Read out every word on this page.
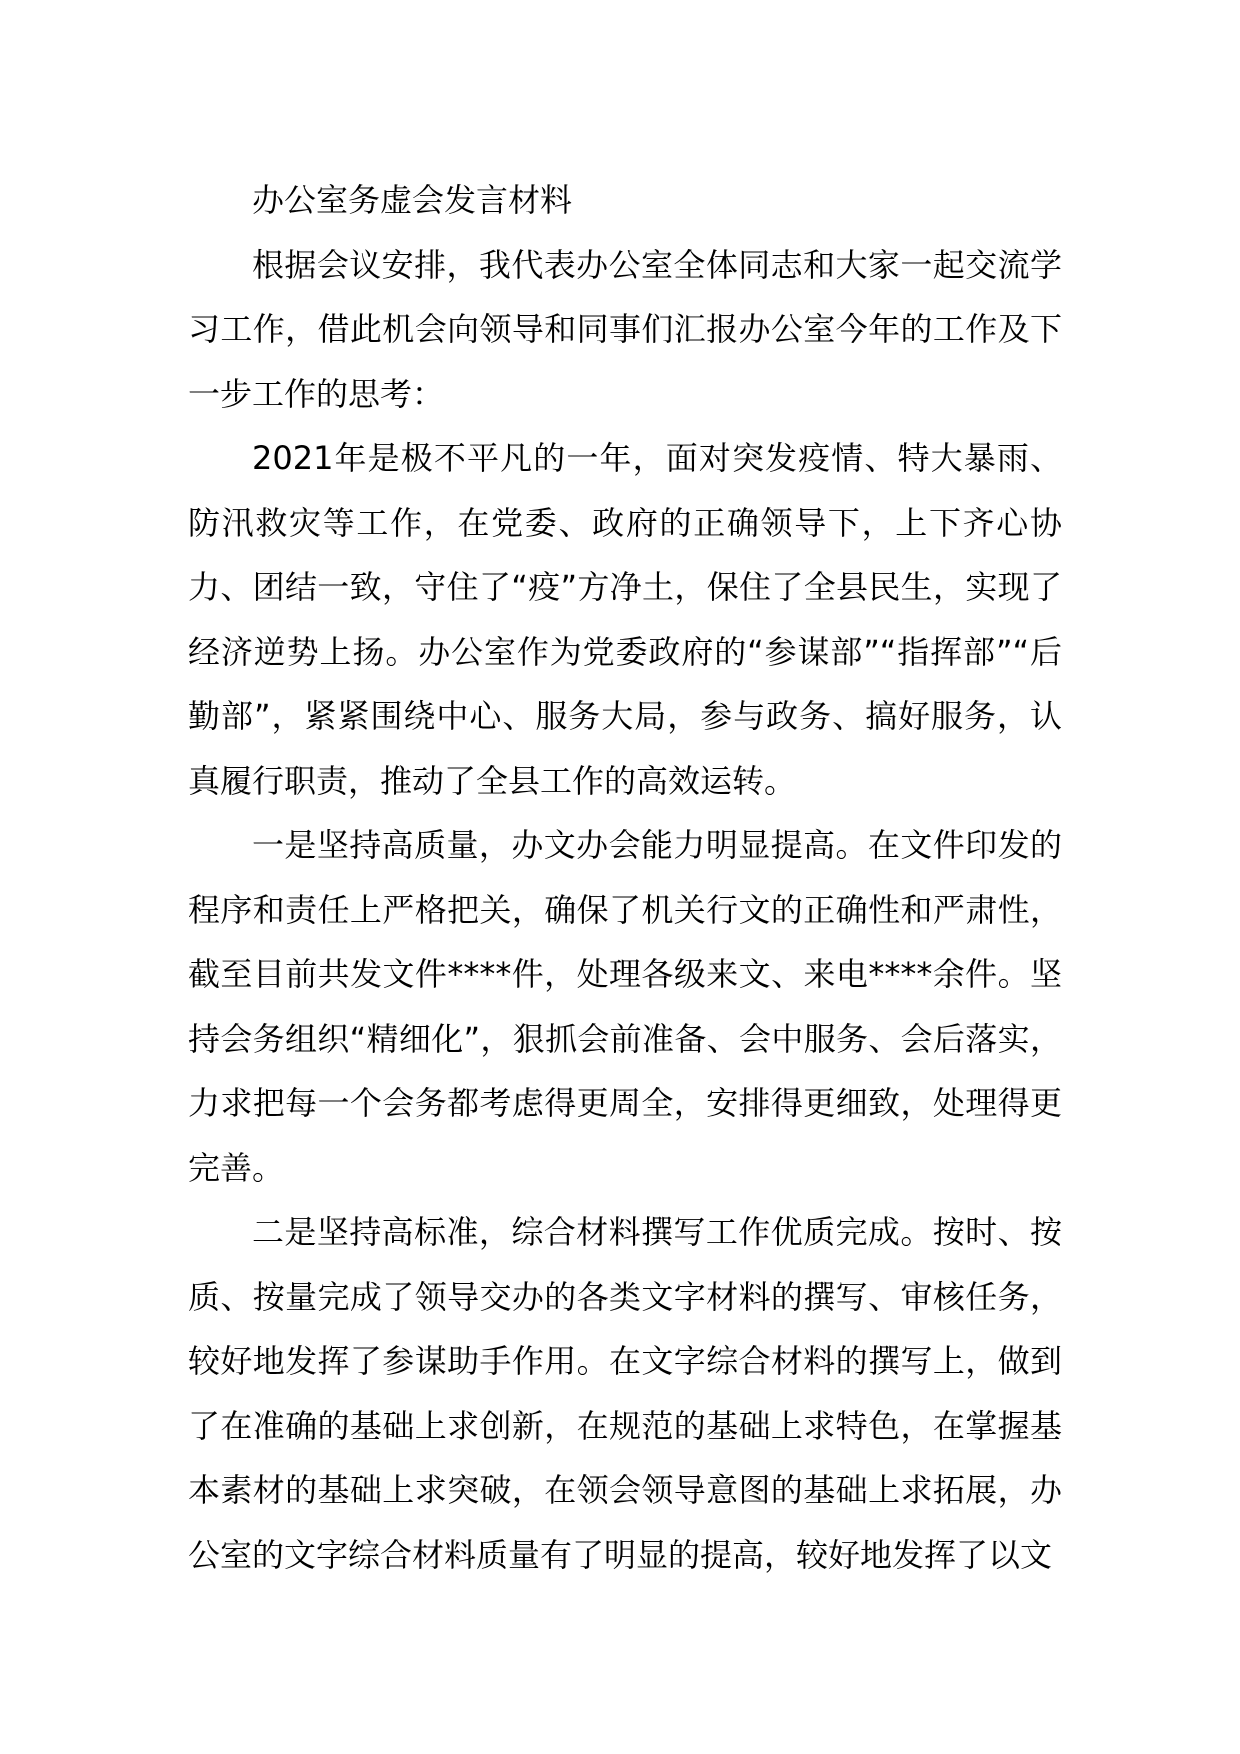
办公室务虚会发言材料

根据会议安排，我代表办公室全体同志和大家一起交流学习工作，借此机会向领导和同事们汇报办公室今年的工作及下一步工作的思考：

2021年是极不平凡的一年，面对突发疫情、特大暴雨、防汛救灾等工作，在党委、政府的正确领导下，上下齐心协力、团结一致，守住了“疫”方净土，保住了全县民生，实现了经济逆势上扬。办公室作为党委政府的“参谋部”“指挥部”“后勤部”，紧紧围绕中心、服务大局，参与政务、搞好服务，认真履行职责，推动了全县工作的高效运转。

一是坚持高质量，办文办会能力明显提高。在文件印发的程序和责任上严格把关，确保了机关行文的正确性和严肃性，截至目前共发文件****件，处理各级来文、来电****余件。坚持会务组织“精细化”，狠抓会前准备、会中服务、会后落实，力求把每一个会务都考虑得更周全，安排得更细致，处理得更完善。

二是坚持高标准，综合材料撰写工作优质完成。按时、按质、按量完成了领导交办的各类文字材料的撰写、审核任务，较好地发挥了参谋助手作用。在文字综合材料的撰写上，做到了在准确的基础上求创新，在规范的基础上求特色，在掌握基本素材的基础上求突破，在领会领导意图的基础上求拓展，办公室的文字综合材料质量有了明显的提高，较好地发挥了以文
